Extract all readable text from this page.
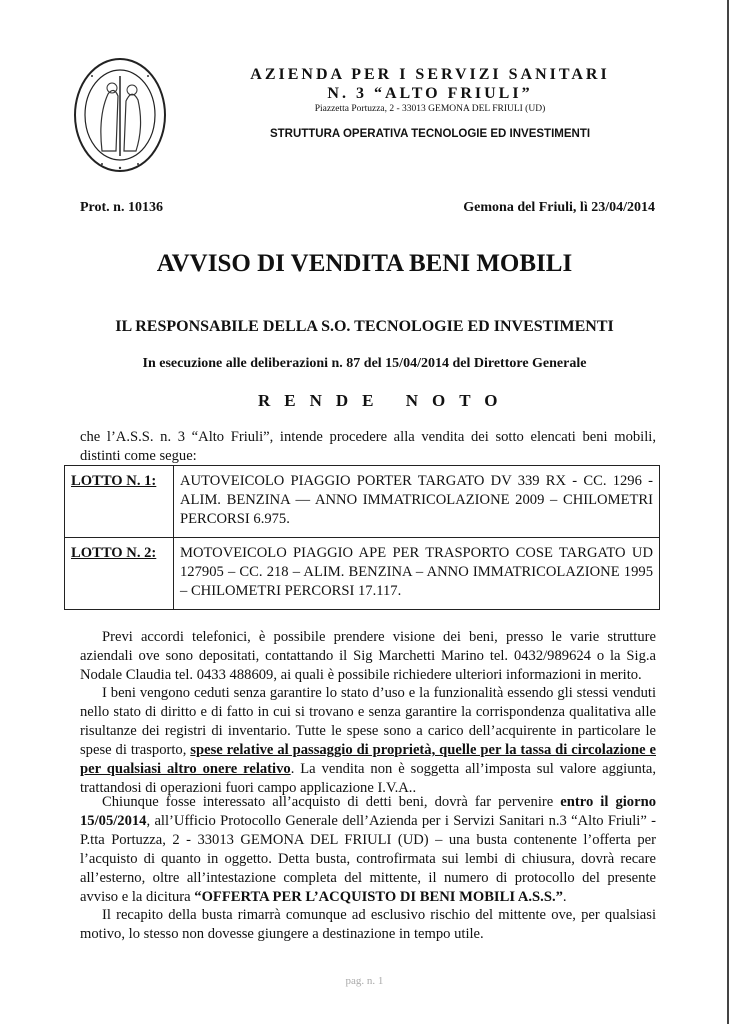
AZIENDA PER I SERVIZI SANITARI
N. 3 “ALTO FRIULI”
Piazzetta Portuzza, 2 - 33013 GEMONA DEL FRIULI (UD)
STRUTTURA OPERATIVA TECNOLOGIE ED INVESTIMENTI
Prot. n. 10136	Gemona del Friuli, lì 23/04/2014
AVVISO DI VENDITA BENI MOBILI
IL RESPONSABILE DELLA S.O. TECNOLOGIE ED INVESTIMENTI
In esecuzione alle deliberazioni n. 87 del 15/04/2014 del Direttore Generale
RENDE NOTO
che l’A.S.S. n. 3 “Alto Friuli”, intende procedere alla vendita dei sotto elencati beni mobili, distinti come segue:
LOTTO N. 1:	AUTOVEICOLO PIAGGIO PORTER TARGATO DV 339 RX - CC. 1296 - ALIM. BENZINA — ANNO IMMATRICOLAZIONE 2009 – CHILOMETRI PERCORSI 6.975.
LOTTO N. 2:	MOTOVEICOLO PIAGGIO APE PER TRASPORTO COSE TARGATO UD 127905 – CC. 218 – ALIM. BENZINA – ANNO IMMATRICOLAZIONE 1995 – CHILOMETRI PERCORSI 17.117.
Previ accordi telefonici, è possibile prendere visione dei beni, presso le varie strutture aziendali ove sono depositati, contattando il Sig Marchetti Marino tel. 0432/989624 o la Sig.a Nodale Claudia tel. 0433 488609, ai quali è possibile richiedere ulteriori informazioni in merito.
I beni vengono ceduti senza garantire lo stato d’uso e la funzionalità essendo gli stessi venduti nello stato di diritto e di fatto in cui si trovano e senza garantire la corrispondenza qualitativa alle risultanze dei registri di inventario. Tutte le spese sono a carico dell’acquirente in particolare le spese di trasporto, spese relative al passaggio di proprietà, quelle per la tassa di circolazione e per qualsiasi altro onere relativo. La vendita non è soggetta all’imposta sul valore aggiunta, trattandosi di operazioni fuori campo applicazione I.V.A..
Chiunque fosse interessato all’acquisto di detti beni, dovrà far pervenire entro il giorno 15/05/2014, all’Ufficio Protocollo Generale dell’Azienda per i Servizi Sanitari n.3 “Alto Friuli” - P.tta Portuzza, 2 - 33013 GEMONA DEL FRIULI (UD) – una busta contenente l’offerta per l’acquisto di quanto in oggetto. Detta busta, controfirmata sui lembi di chiusura, dovrà recare all’esterno, oltre all’intestazione completa del mittente, il numero di protocollo del presente avviso e la dicitura “OFFERTA PER L’ACQUISTO DI BENI MOBILI A.S.S.”.
Il recapito della busta rimarrà comunque ad esclusivo rischio del mittente ove, per qualsiasi motivo, lo stesso non dovesse giungere a destinazione in tempo utile.
pag. n. 1
